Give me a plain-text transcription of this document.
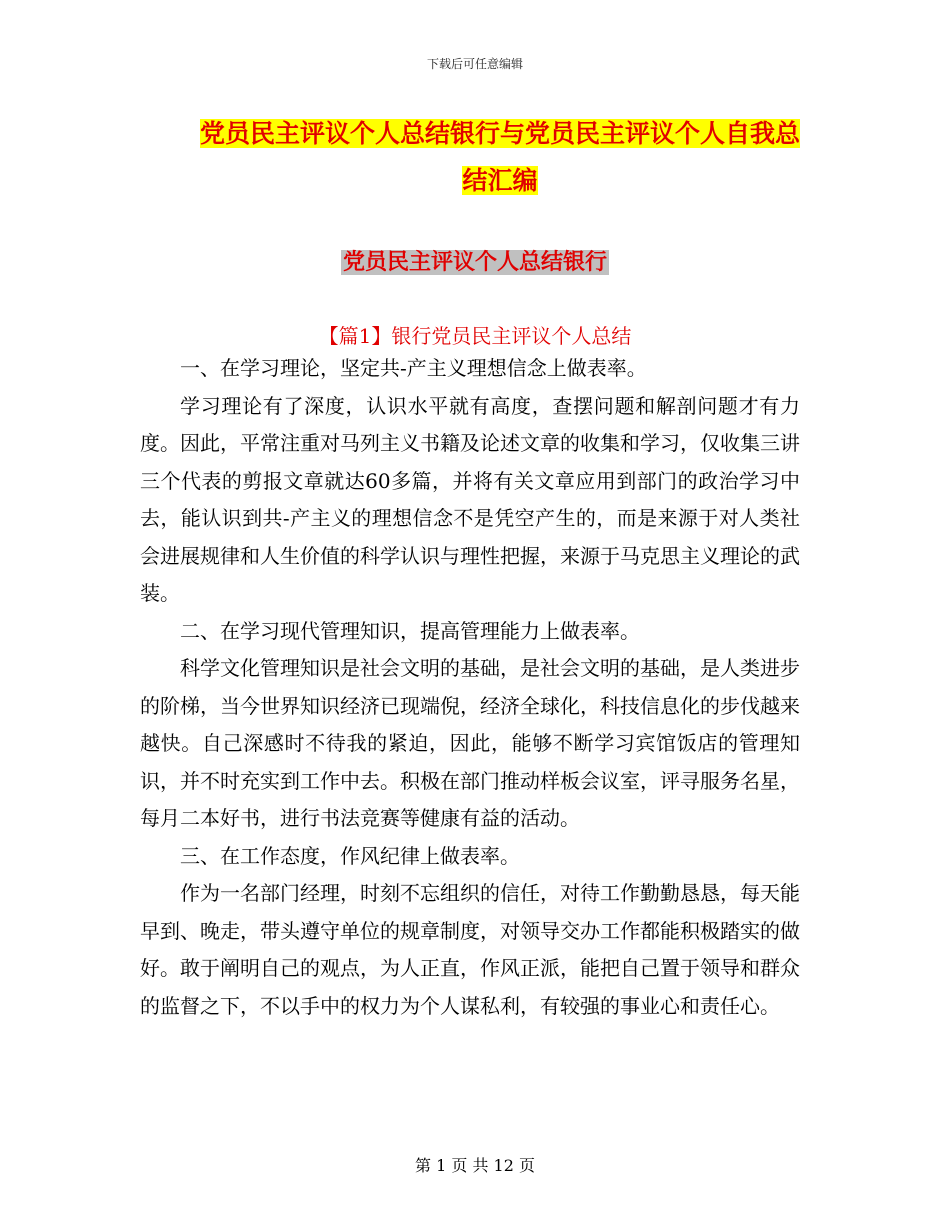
下载后可任意编辑
党员民主评议个人总结银行与党员民主评议个人自我总结汇编
党员民主评议个人总结银行
【篇1】银行党员民主评议个人总结

一、在学习理论，坚定共-产主义理想信念上做表率。

学习理论有了深度，认识水平就有高度，查摆问题和解剖问题才有力度。因此，平常注重对马列主义书籍及论述文章的收集和学习，仅收集三讲三个代表的剪报文章就达60多篇，并将有关文章应用到部门的政治学习中去，能认识到共-产主义的理想信念不是凭空产生的，而是来源于对人类社会进展规律和人生价值的科学认识与理性把握，来源于马克思主义理论的武装。

二、在学习现代管理知识，提高管理能力上做表率。

科学文化管理知识是社会文明的基础，是社会文明的基础，是人类进步的阶梯，当今世界知识经济已现端倪，经济全球化，科技信息化的步伐越来越快。自己深感时不待我的紧迫，因此，能够不断学习宾馆饭店的管理知识，并不时充实到工作中去。积极在部门推动样板会议室，评寻服务名星，每月二本好书，进行书法竞赛等健康有益的活动。

三、在工作态度，作风纪律上做表率。

作为一名部门经理，时刻不忘组织的信任，对待工作勤勤恳恳，每天能早到、晚走，带头遵守单位的规章制度，对领导交办工作都能积极踏实的做好。敢于阐明自己的观点，为人正直，作风正派，能把自己置于领导和群众的监督之下，不以手中的权力为个人谋私利，有较强的事业心和责任心。

第 1 页 共 12 页
